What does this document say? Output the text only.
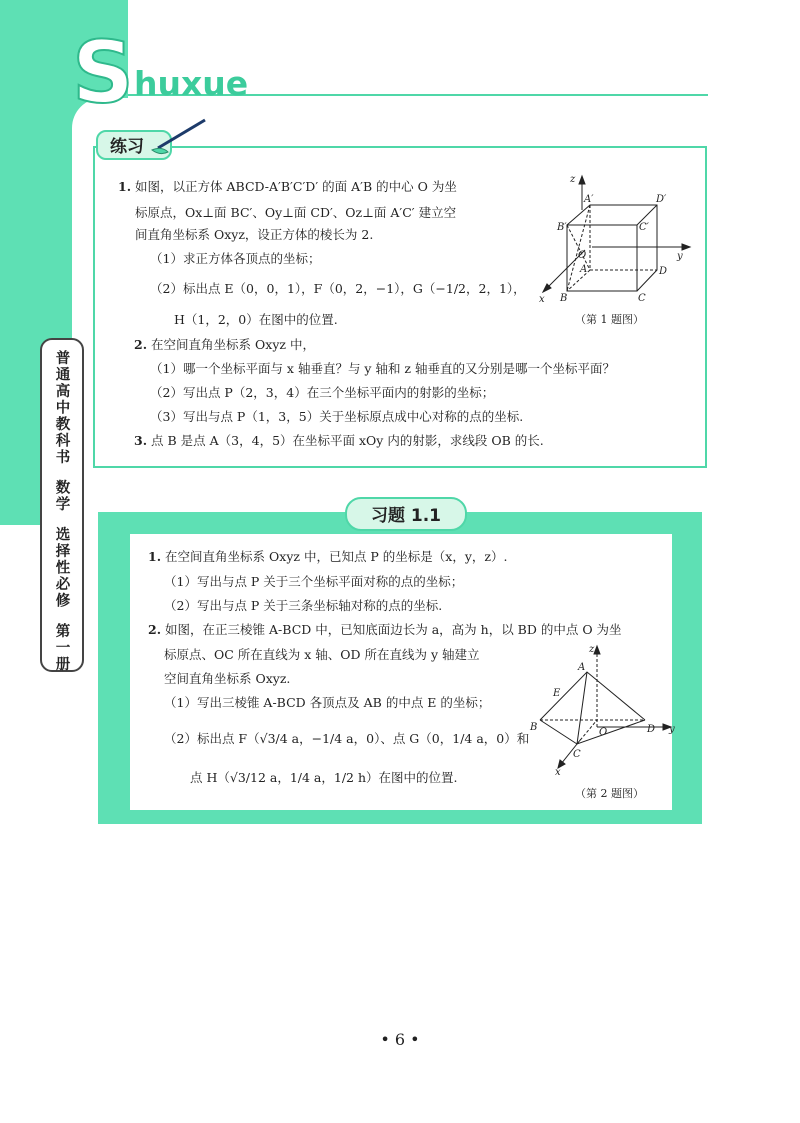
S huxue
普通高中教科书  数学  选择性必修  第一册
练习
1. 如图，以正方体 ABCD-A′B′C′D′ 的面 A′B 的中心 O 为坐
标原点，Ox⊥面 BC′、Oy⊥面 CD′、Oz⊥面 A′C′ 建立空
间直角坐标系 Oxyz，设正方体的棱长为 2.
（1）求正方体各顶点的坐标；
（2）标出点 E（0，0，1），F（0，2，−1），G（−1/2，2，1），
H（1，2，0）在图中的位置.
2. 在空间直角坐标系 Oxyz 中，
（1）哪一个坐标平面与 x 轴垂直？与 y 轴和 z 轴垂直的又分别是哪一个坐标平面？
（2）写出点 P（2，3，4）在三个坐标平面内的射影的坐标；
（3）写出与点 P（1，3，5）关于坐标原点成中心对称的点的坐标.
3. 点 B 是点 A（3，4，5）在坐标平面 xOy 内的射影，求线段 OB 的长.
z
y
x
A′
B′	C′
D′
A
B	C
D
O
（第 1 题图）
习题 1.1
1. 在空间直角坐标系 Oxyz 中，已知点 P 的坐标是（x，y，z）.
（1）写出与点 P 关于三个坐标平面对称的点的坐标；
（2）写出与点 P 关于三条坐标轴对称的点的坐标.
2. 如图，在正三棱锥 A-BCD 中，已知底面边长为 a，高为 h，以 BD 的中点 O 为坐
标原点、OC 所在直线为 x 轴、OD 所在直线为 y 轴建立
空间直角坐标系 Oxyz.
（1）写出三棱锥 A-BCD 各顶点及 AB 的中点 E 的坐标；
（2）标出点 F（√3/4 a，−1/4 a，0）、点 G（0，1/4 a，0）和
点 H（√3/12 a，1/4 a，1/2 h）在图中的位置.
z
y
x
A
B
C
D
E
O
（第 2 题图）
• 6 •
